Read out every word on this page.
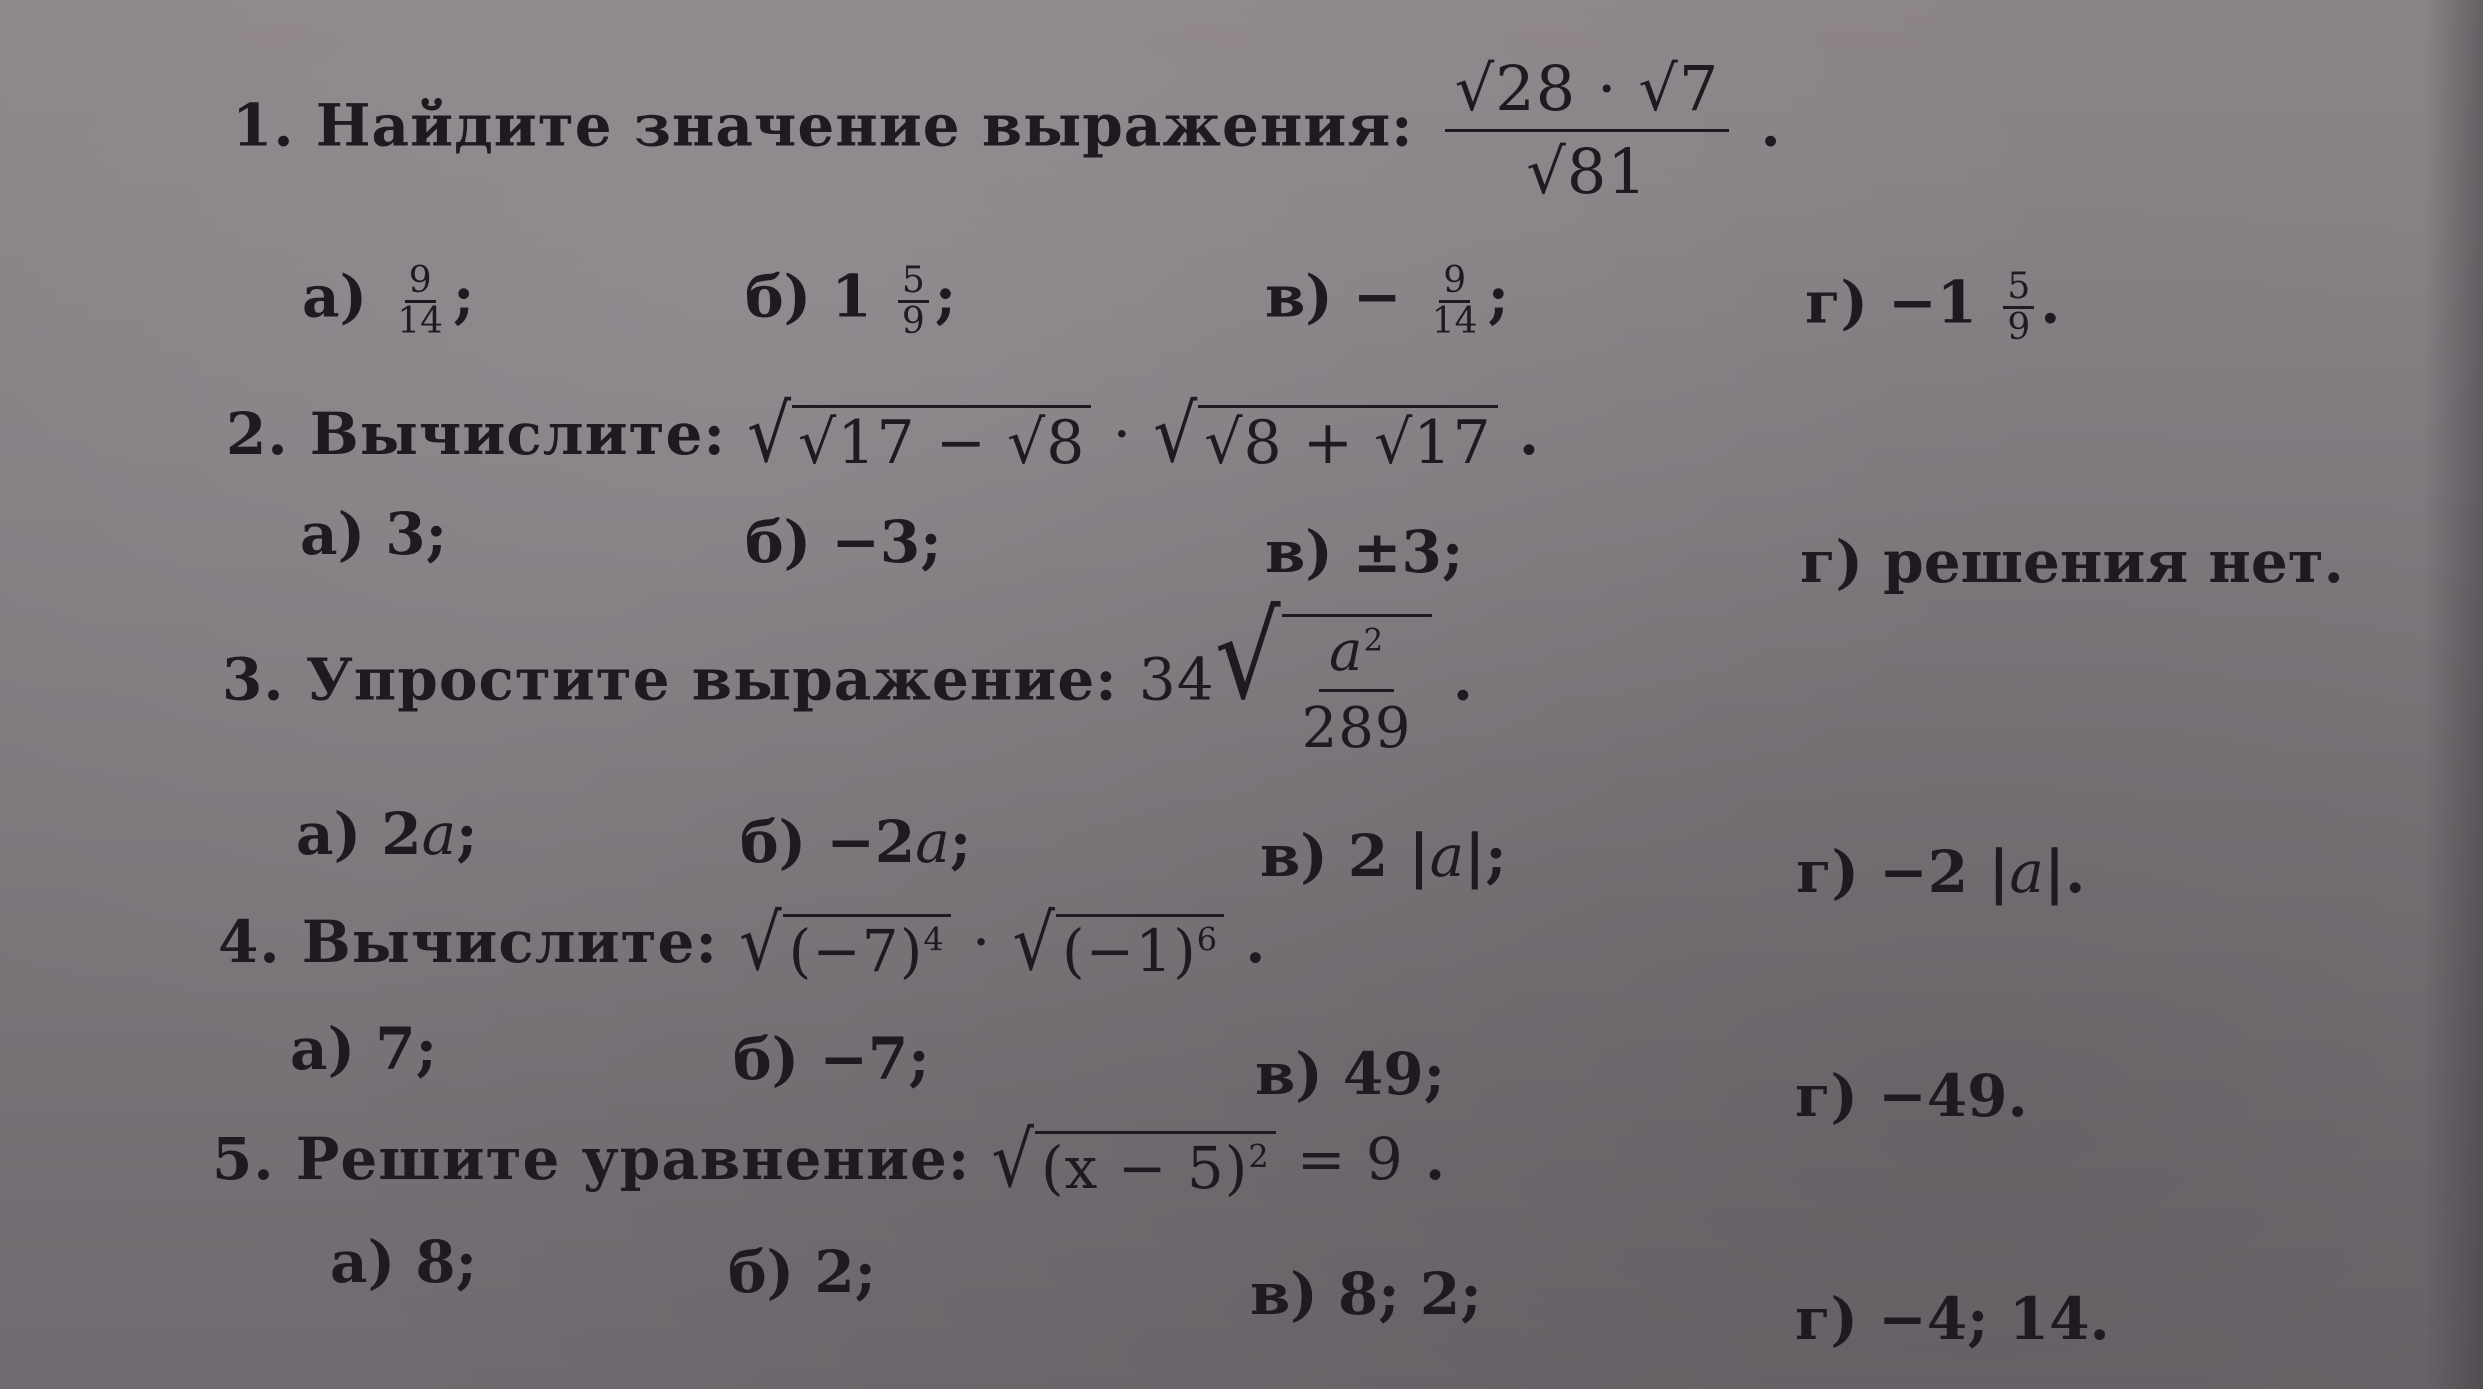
1. Найдите значение выражения: $\frac{√28 \cdot √7}{√81}$ .
$а) \frac{9}{14}$ ;	б) $1 \frac{5}{9}$ ;	$в) - \frac{9}{14}$ ;	$г) -1 \frac{5}{9}$ .
2. Вычислите: √ √17 − √8 · √ √8 + √17 .
а) 3;	б) −3;	в) ±3;	г) решения нет.
3. Упростите выражение: 34 √ $\frac{a^2}{289}$ .
а) 2a;	б) −2a;	в) 2 |a|;	г) −2 |a|.
4. Вычислите: √ $(-7)^4$ · √ $(-1)^6$ .
а) 7;	б) −7;	в) 49;	г) −49.
5. Решите уравнение: √ $(x - 5)^2 = 9$ .
а) 8;	б) 2;	в) 8; 2;	г) −4; 14.
